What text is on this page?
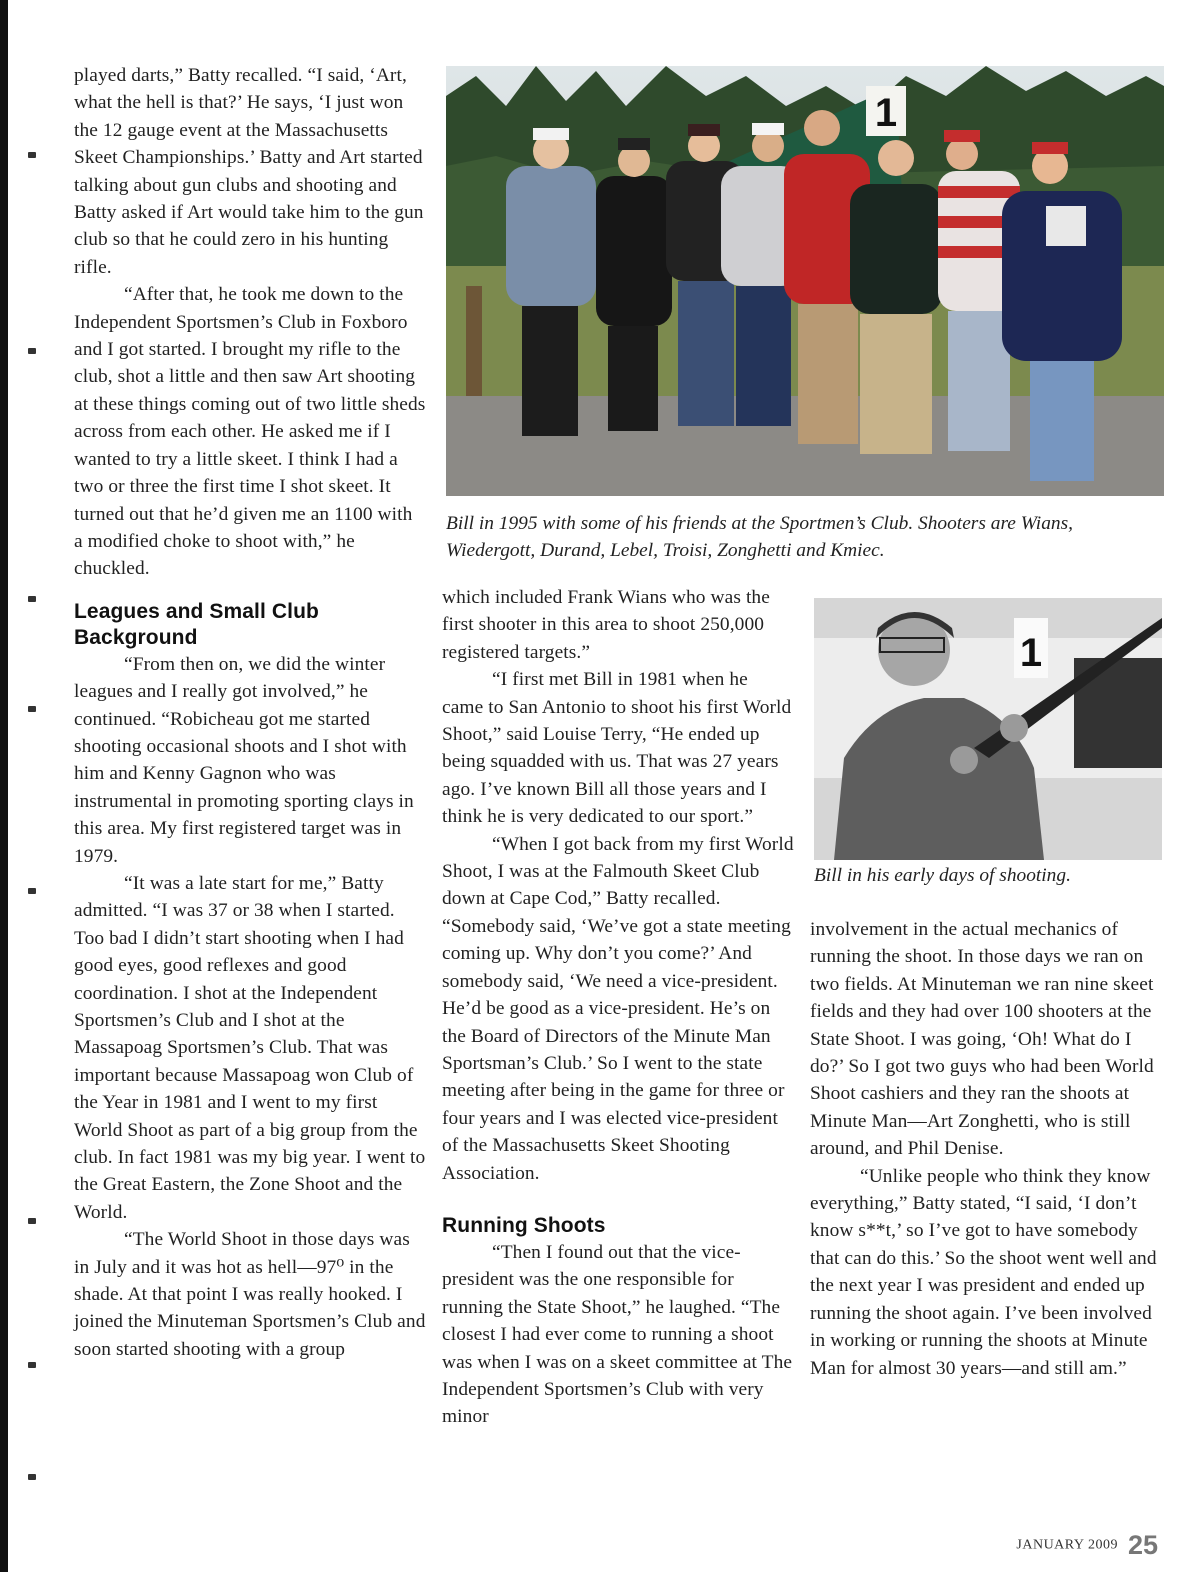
played darts,” Batty recalled. “I said, ‘Art, what the hell is that?’ He says, ‘I just won the 12 gauge event at the Massachusetts Skeet Championships.’ Batty and Art started talking about gun clubs and shooting and Batty asked if Art would take him to the gun club so that he could zero in his hunting rifle.

“After that, he took me down to the Independent Sportsmen’s Club in Foxboro and I got started. I brought my rifle to the club, shot a little and then saw Art shooting at these things coming out of two little sheds across from each other. He asked me if I wanted to try a little skeet. I think I had a two or three the first time I shot skeet. It turned out that he’d given me an 1100 with a modified choke to shoot with,” he chuckled.

Leagues and Small Club Background

“From then on, we did the winter leagues and I really got involved,” he continued. “Robicheau got me started shooting occasional shoots and I shot with him and Kenny Gagnon who was instrumental in promoting sporting clays in this area. My first registered target was in 1979.

“It was a late start for me,” Batty admitted. “I was 37 or 38 when I started. Too bad I didn’t start shooting when I had good eyes, good reflexes and good coordination. I shot at the Independent Sportsmen’s Club and I shot at the Massapoag Sportsmen’s Club. That was important because Massapoag won Club of the Year in 1981 and I went to my first World Shoot as part of a big group from the club. In fact 1981 was my big year. I went to the Great Eastern, the Zone Shoot and the World.

“The World Shoot in those days was in July and it was hot as hell—97⁰ in the shade. At that point I was really hooked. I joined the Minuteman Sportsmen’s Club and soon started shooting with a group

1

Bill in 1995 with some of his friends at the Sportmen’s Club. Shooters are Wians, Wiedergott, Durand, Lebel, Troisi, Zonghetti and Kmiec.

which included Frank Wians who was the first shooter in this area to shoot 250,000 registered targets.”

“I first met Bill in 1981 when he came to San Antonio to shoot his first World Shoot,” said Louise Terry, “He ended up being squadded with us. That was 27 years ago. I’ve known Bill all those years and I think he is very dedicated to our sport.”

“When I got back from my first World Shoot, I was at the Falmouth Skeet Club down at Cape Cod,” Batty recalled. “Somebody said, ‘We’ve got a state meeting coming up. Why don’t you come?’ And somebody said, ‘We need a vice-president. He’d be good as a vice-president. He’s on the Board of Directors of the Minute Man Sportsman’s Club.’ So I went to the state meeting after being in the game for three or four years and I was elected vice-president of the Massachusetts Skeet Shooting Association.

Running Shoots

“Then I found out that the vice-president was the one responsible for running the State Shoot,” he laughed. “The closest I had ever come to running a shoot was when I was on a skeet committee at The Independent Sportsmen’s Club with very minor

1

Bill in his early days of shooting.

involvement in the actual mechanics of running the shoot. In those days we ran on two fields. At Minuteman we ran nine skeet fields and they had over 100 shooters at the State Shoot. I was going, ‘Oh! What do I do?’ So I got two guys who had been World Shoot cashiers and they ran the shoots at Minute Man—Art Zonghetti, who is still around, and Phil Denise.

“Unlike people who think they know everything,” Batty stated, “I said, ‘I don’t know s**t,’ so I’ve got to have somebody that can do this.’ So the shoot went well and the next year I was president and ended up running the shoot again. I’ve been involved in working or running the shoots at Minute Man for almost 30 years—and still am.”

JANUARY 2009 25
